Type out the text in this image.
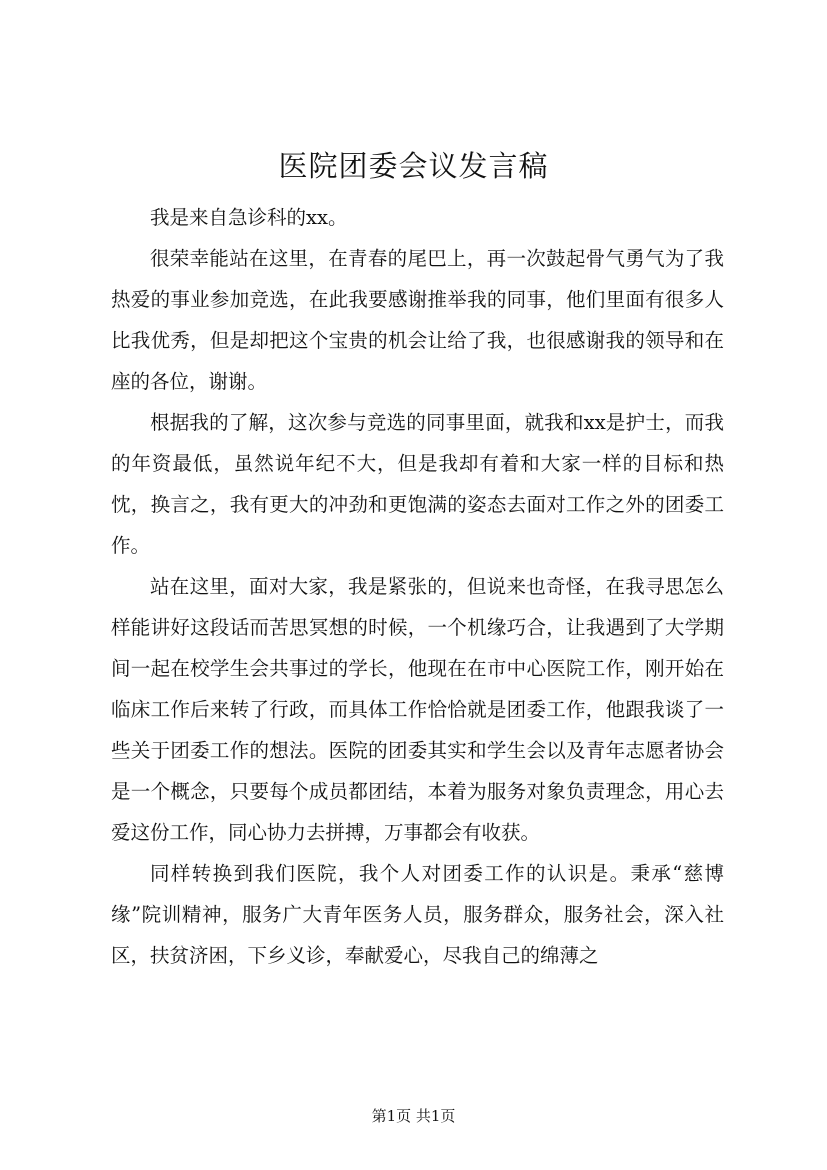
医院团委会议发言稿

我是来自急诊科的xx。

很荣幸能站在这里，在青春的尾巴上，再一次鼓起骨气勇气为了我热爱的事业参加竞选，在此我要感谢推举我的同事，他们里面有很多人比我优秀，但是却把这个宝贵的机会让给了我，也很感谢我的领导和在座的各位，谢谢。

根据我的了解，这次参与竞选的同事里面，就我和xx是护士，而我的年资最低，虽然说年纪不大，但是我却有着和大家一样的目标和热忱，换言之，我有更大的冲劲和更饱满的姿态去面对工作之外的团委工作。

站在这里，面对大家，我是紧张的，但说来也奇怪，在我寻思怎么样能讲好这段话而苦思冥想的时候，一个机缘巧合，让我遇到了大学期间一起在校学生会共事过的学长，他现在在市中心医院工作，刚开始在临床工作后来转了行政，而具体工作恰恰就是团委工作，他跟我谈了一些关于团委工作的想法。医院的团委其实和学生会以及青年志愿者协会是一个概念，只要每个成员都团结，本着为服务对象负责理念，用心去爱这份工作，同心协力去拼搏，万事都会有收获。

同样转换到我们医院，我个人对团委工作的认识是。秉承“慈博缘”院训精神，服务广大青年医务人员，服务群众，服务社会，深入社区，扶贫济困，下乡义诊，奉献爱心，尽我自己的绵薄之

第1页 共1页
